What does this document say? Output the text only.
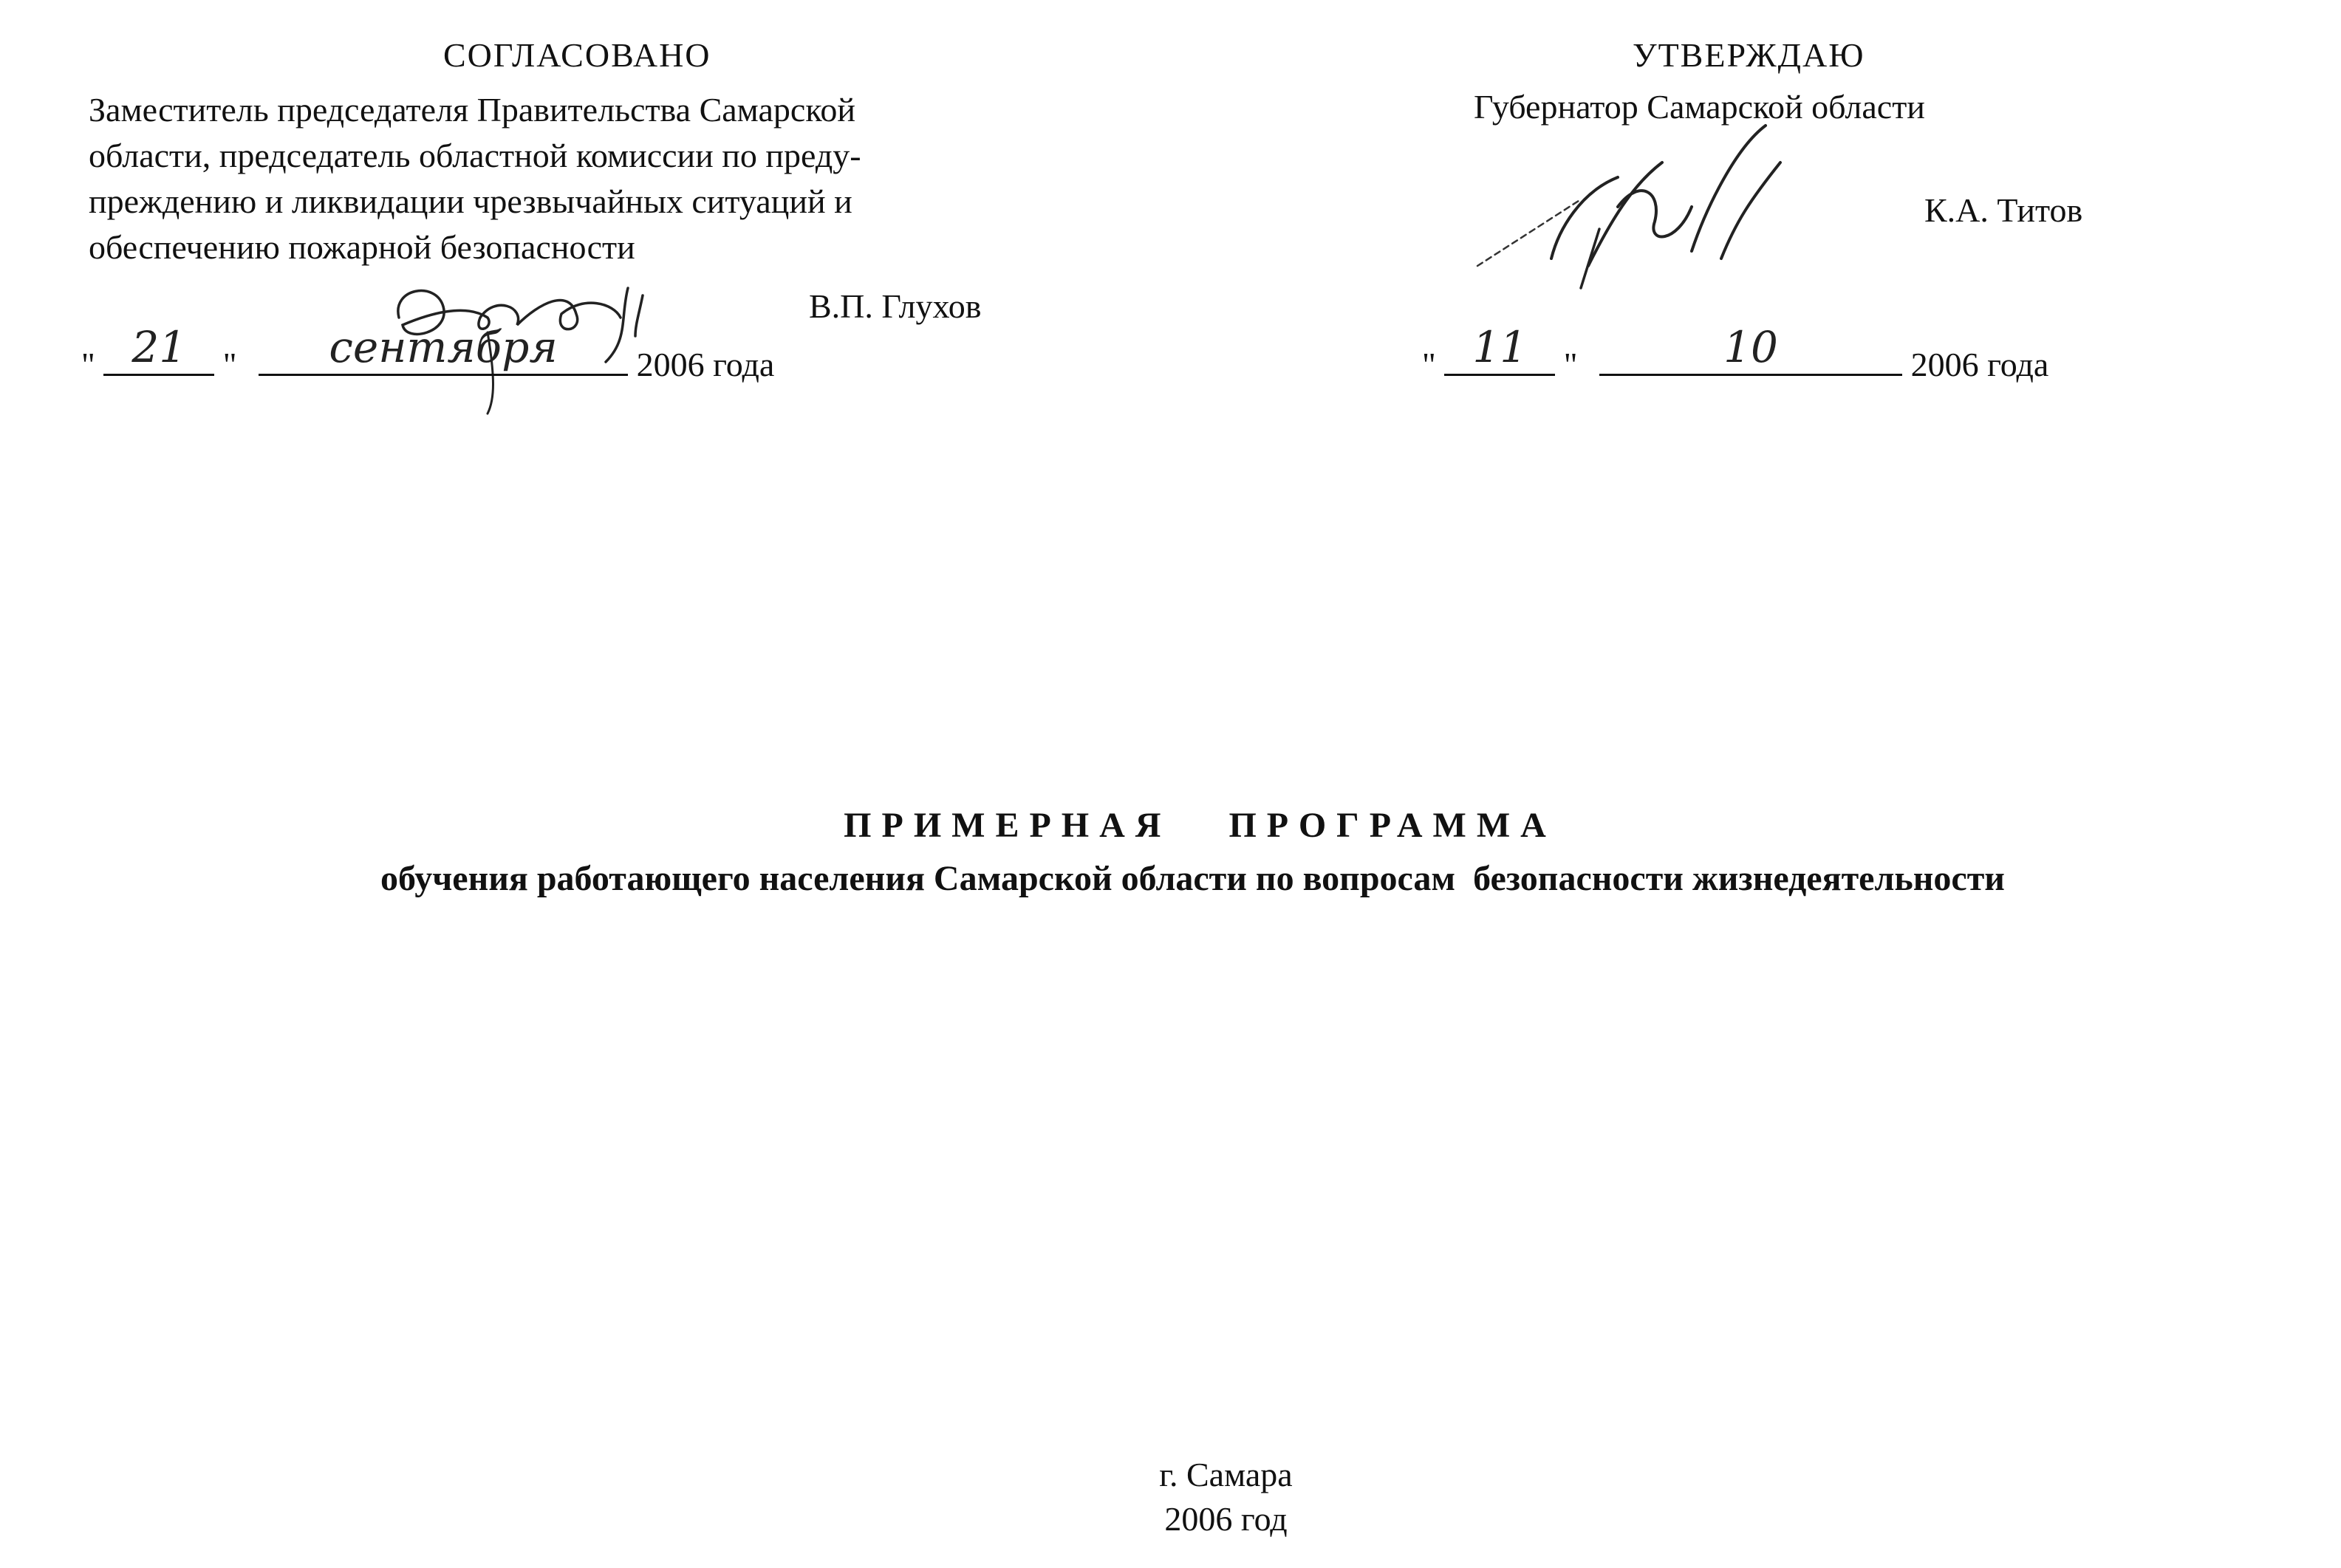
СОГЛАСОВАНО
Заместитель председателя Правительства Самарской
области, председатель областной комиссии по преду-
преждению и ликвидации чрезвычайных ситуаций и
обеспечению пожарной безопасности
В.П. Глухов
" 21 " сентября 2006 года
УТВЕРЖДАЮ
Губернатор Самарской области
К.А. Титов
" 11 "	10	2006 года
ПРИМЕРНАЯ   ПРОГРАММА
обучения работающего населения Самарской области по вопросам  безопасности жизнедеятельности
г. Самара
2006 год
